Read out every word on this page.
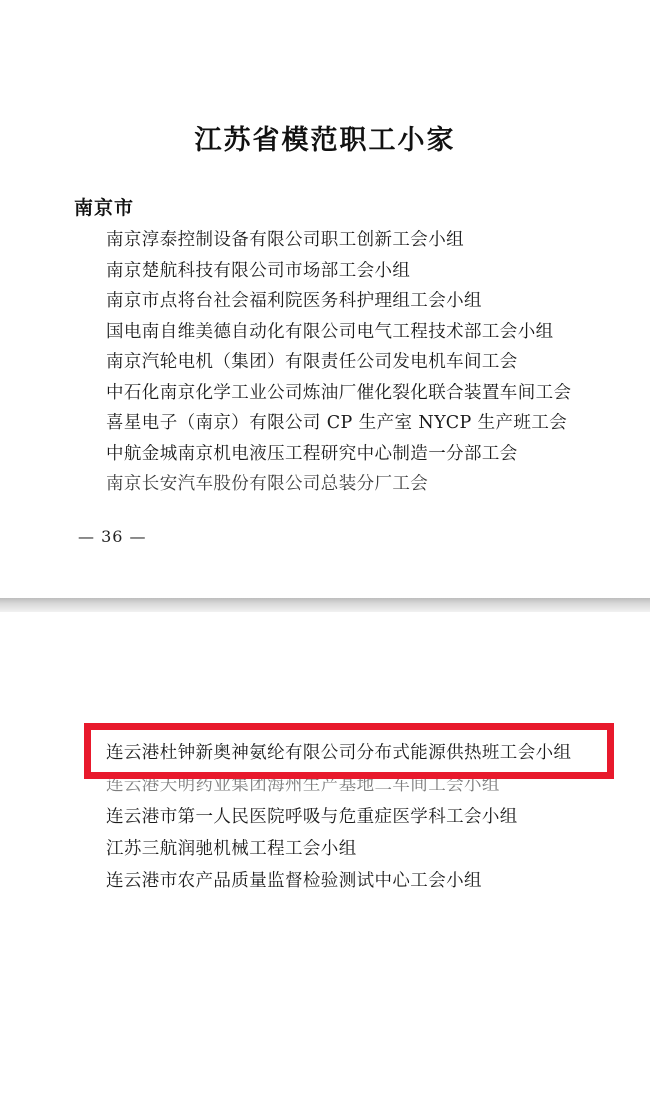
江苏省模范职工小家
南京市
南京淳泰控制设备有限公司职工创新工会小组
南京楚航科技有限公司市场部工会小组
南京市点将台社会福利院医务科护理组工会小组
国电南自维美德自动化有限公司电气工程技术部工会小组
南京汽轮电机（集团）有限责任公司发电机车间工会
中石化南京化学工业公司炼油厂催化裂化联合装置车间工会
喜星电子（南京）有限公司 CP 生产室 NYCP 生产班工会
中航金城南京机电液压工程研究中心制造一分部工会
南京长安汽车股份有限公司总装分厂工会
— 36 —
连云港杜钟新奥神氨纶有限公司分布式能源供热班工会小组
连云港天明药业集团海州生产基地二车间工会小组
连云港市第一人民医院呼吸与危重症医学科工会小组
江苏三航润驰机械工程工会小组
连云港市农产品质量监督检验测试中心工会小组
